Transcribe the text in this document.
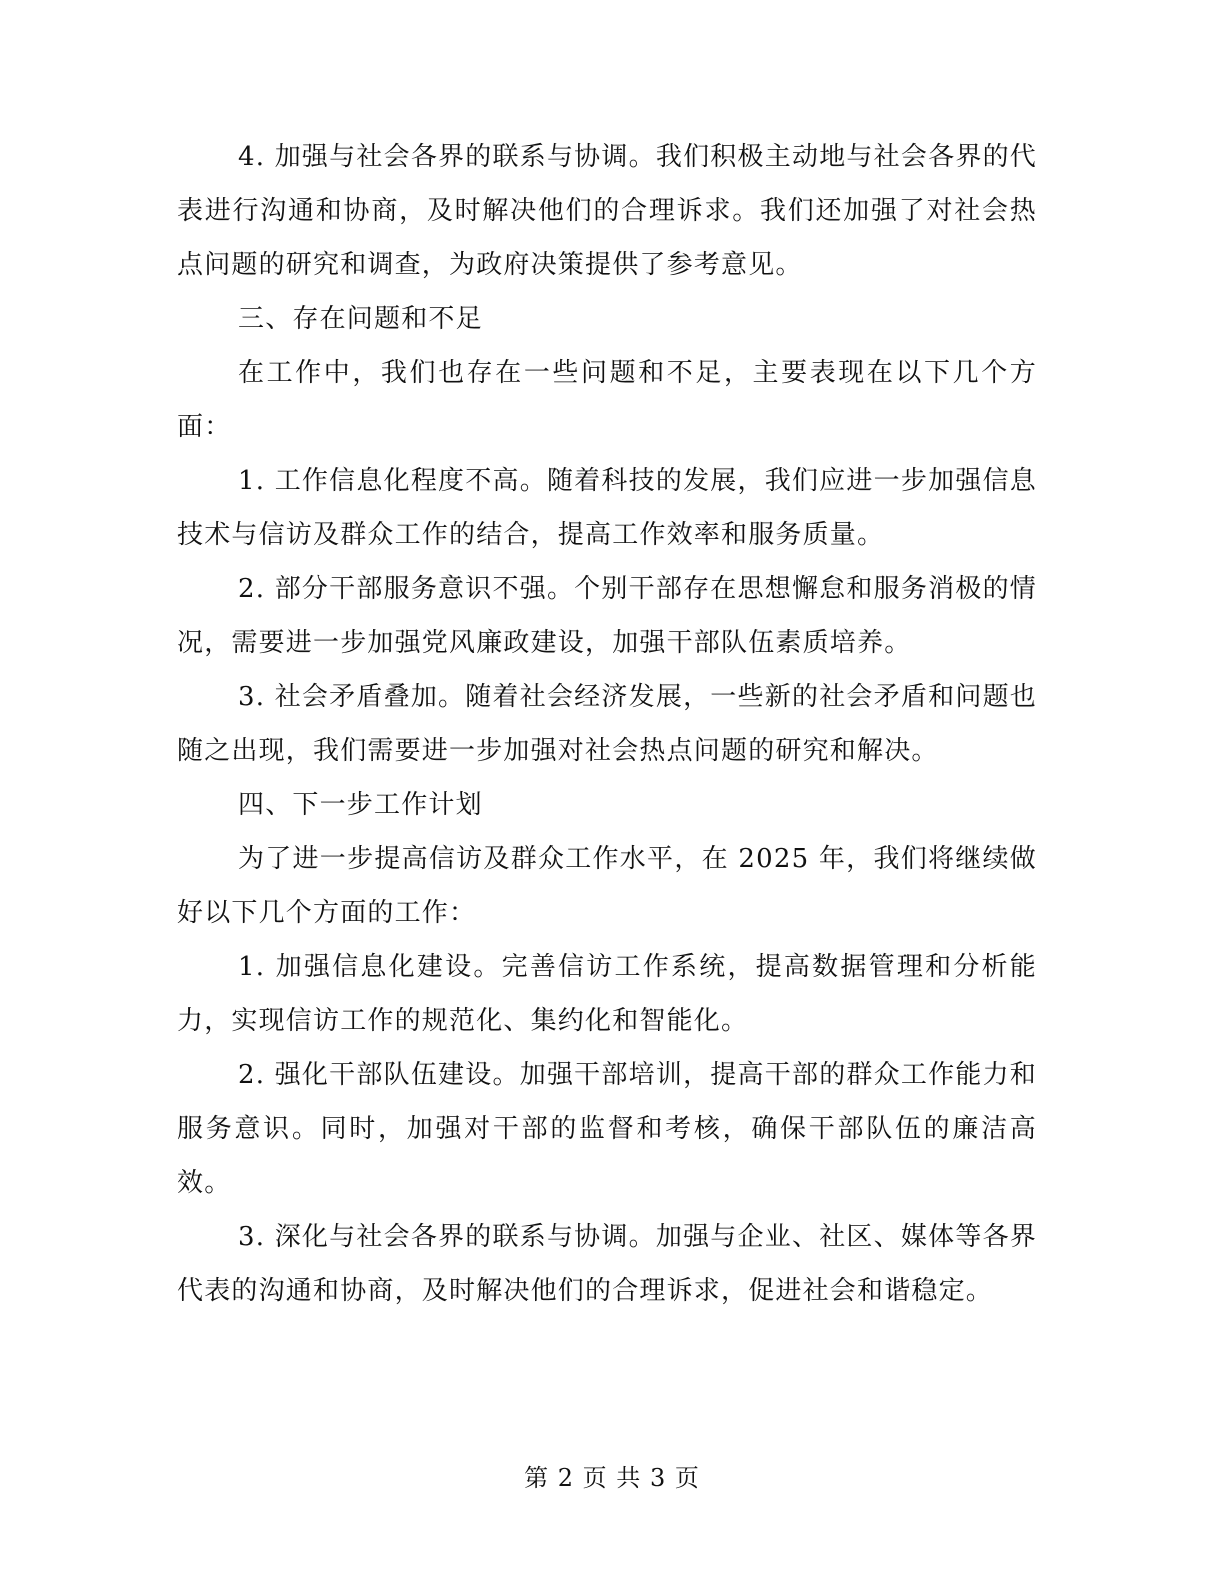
4. 加强与社会各界的联系与协调。我们积极主动地与社会各界的代表进行沟通和协商，及时解决他们的合理诉求。我们还加强了对社会热点问题的研究和调查，为政府决策提供了参考意见。

三、存在问题和不足

在工作中，我们也存在一些问题和不足，主要表现在以下几个方面：

1. 工作信息化程度不高。随着科技的发展，我们应进一步加强信息技术与信访及群众工作的结合，提高工作效率和服务质量。

2. 部分干部服务意识不强。个别干部存在思想懈怠和服务消极的情况，需要进一步加强党风廉政建设，加强干部队伍素质培养。

3. 社会矛盾叠加。随着社会经济发展，一些新的社会矛盾和问题也随之出现，我们需要进一步加强对社会热点问题的研究和解决。

四、下一步工作计划

为了进一步提高信访及群众工作水平，在 2025 年，我们将继续做好以下几个方面的工作：

1. 加强信息化建设。完善信访工作系统，提高数据管理和分析能力，实现信访工作的规范化、集约化和智能化。

2. 强化干部队伍建设。加强干部培训，提高干部的群众工作能力和服务意识。同时，加强对干部的监督和考核，确保干部队伍的廉洁高效。

3. 深化与社会各界的联系与协调。加强与企业、社区、媒体等各界代表的沟通和协商，及时解决他们的合理诉求，促进社会和谐稳定。

第 2 页 共 3 页
